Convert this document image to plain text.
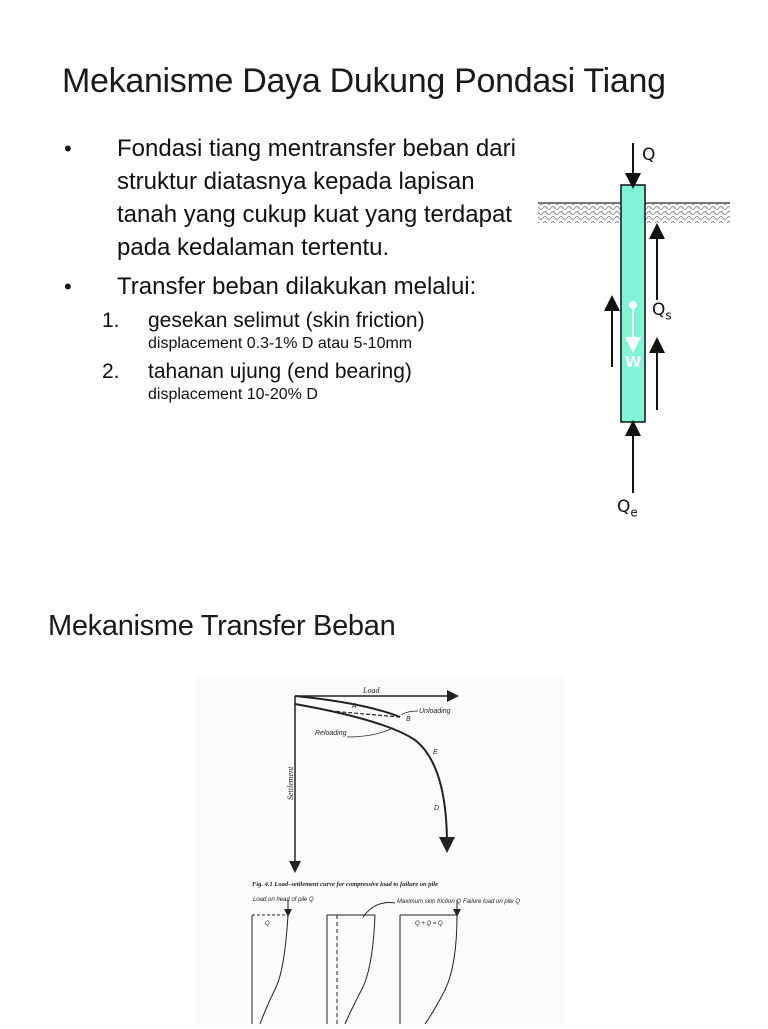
Mekanisme Daya Dukung Pondasi Tiang
• Fondasi tiang mentransfer beban dari struktur diatasnya kepada lapisan tanah yang cukup kuat yang terdapat pada kedalaman tertentu.
• Transfer beban dilakukan melalui:
1. gesekan selimut (skin friction)
displacement 0.3-1% D atau 5-10mm
2. tahanan ujung (end bearing)
displacement 10-20% D
Q
$Q_s$
W
$Q_e$
Mekanisme Transfer Beban
Load
Settlement
A
B
E
D
Unloading
Reloading
Fig. 4.1 Load–settlement curve for compressive load to failure on pile
Load on head of pile Q
Q
Maximum skin friction Q Failure load on pile Q
Q + Q = Q
